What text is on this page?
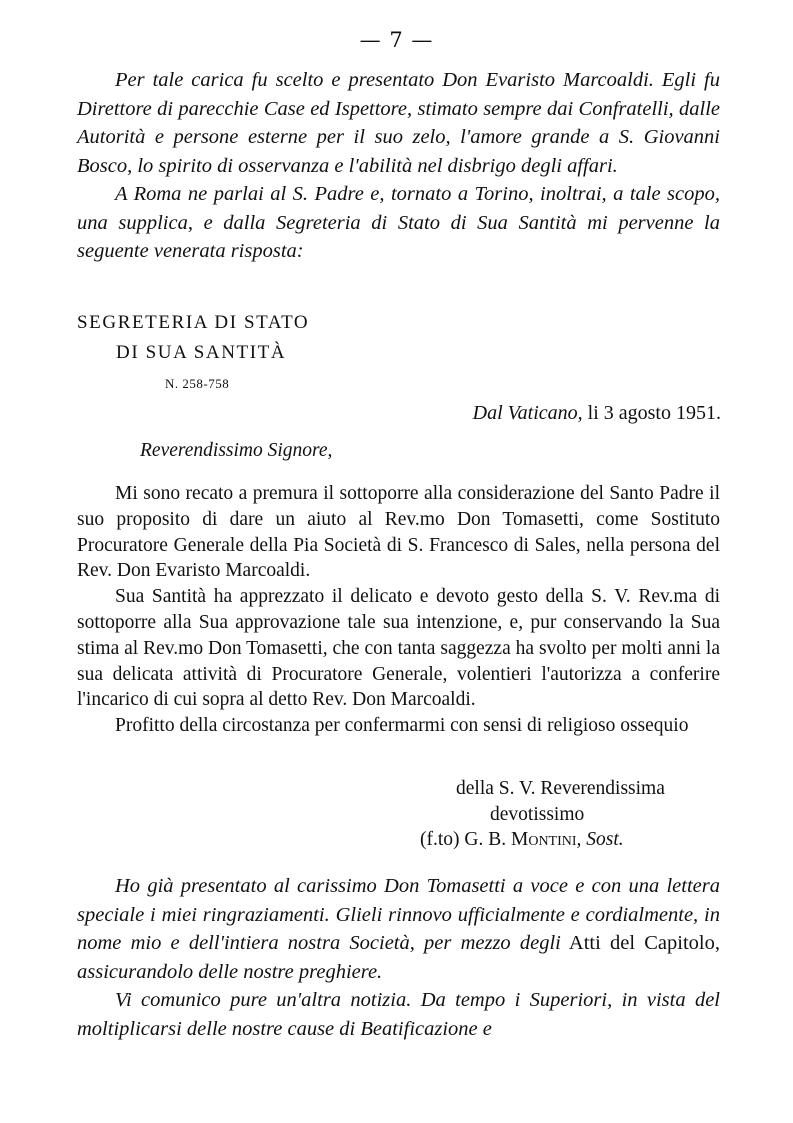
— 7 —

Per tale carica fu scelto e presentato Don Evaristo Marcoaldi. Egli fu Direttore di parecchie Case ed Ispettore, stimato sempre dai Confratelli, dalle Autorità e persone esterne per il suo zelo, l'amore grande a S. Giovanni Bosco, lo spirito di osservanza e l'abilità nel disbrigo degli affari.

A Roma ne parlai al S. Padre e, tornato a Torino, inoltrai, a tale scopo, una supplica, e dalla Segreteria di Stato di Sua Santità mi pervenne la seguente venerata risposta:

SEGRETERIA DI STATO
DI SUA SANTITÀ
N. 258-758
Dal Vaticano, li 3 agosto 1951.
Reverendissimo Signore,

Mi sono recato a premura il sottoporre alla considerazione del Santo Padre il suo proposito di dare un aiuto al Rev.mo Don Tomasetti, come Sostituto Procuratore Generale della Pia Società di S. Francesco di Sales, nella persona del Rev. Don Evaristo Marcoaldi.

Sua Santità ha apprezzato il delicato e devoto gesto della S. V. Rev.ma di sottoporre alla Sua approvazione tale sua intenzione, e, pur conservando la Sua stima al Rev.mo Don Tomasetti, che con tanta saggezza ha svolto per molti anni la sua delicata attività di Procuratore Generale, volentieri l'autorizza a conferire l'incarico di cui sopra al detto Rev. Don Marcoaldi.

Profitto della circostanza per confermarmi con sensi di religioso ossequio

della S. V. Reverendissima
devotissimo
(f.to) G. B. Montini, Sost.

Ho già presentato al carissimo Don Tomasetti a voce e con una lettera speciale i miei ringraziamenti. Glieli rinnovo ufficialmente e cordialmente, in nome mio e dell'intiera nostra Società, per mezzo degli Atti del Capitolo, assicurandolo delle nostre preghiere.

Vi comunico pure un'altra notizia. Da tempo i Superiori, in vista del moltiplicarsi delle nostre cause di Beatificazione e
